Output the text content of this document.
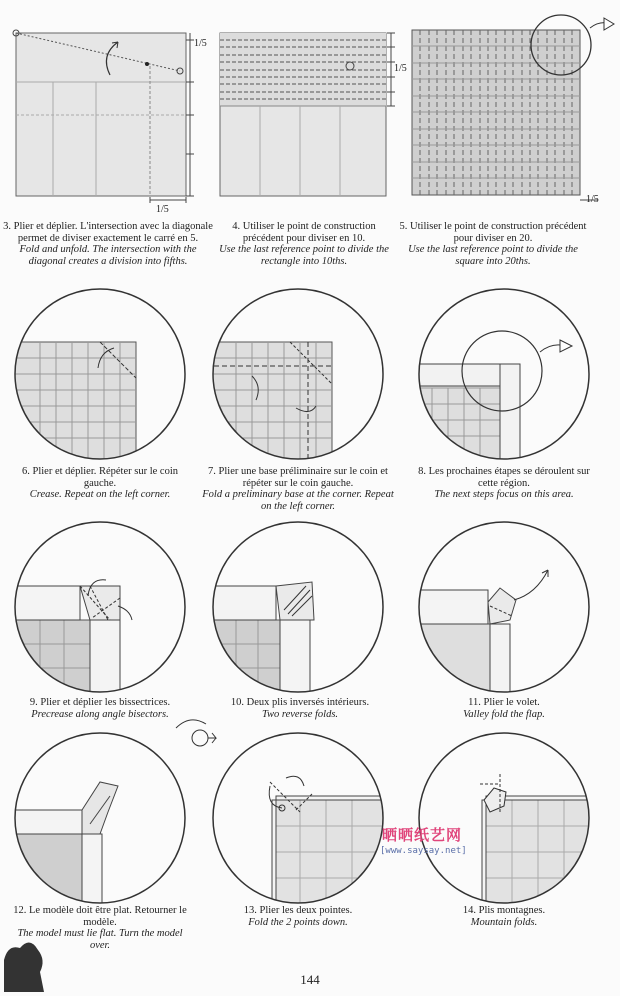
1/5
1/5
3. Plier et déplier. L'intersection avec la diagonale permet de diviser exactement le carré en 5.
Fold and unfold. The intersection with the diagonal creates a division into fifths.
1/5
4. Utiliser le point de construction précédent pour diviser en 10.
Use the last reference point to divide the rectangle into 10ths.
1/5
5. Utiliser le point de construction précédent pour diviser en 20.
Use the last reference point to divide the square into 20ths.
6. Plier et déplier. Répéter sur le coin gauche.
Crease. Repeat on the left corner.
7. Plier une base préliminaire sur le coin et répéter sur le coin gauche.
Fold a preliminary base at the corner. Repeat on the left corner.
8. Les prochaines étapes se déroulent sur cette région.
The next steps focus on this area.
9. Plier et déplier les bissectrices.
Precrease along angle bisectors.
10. Deux plis inversés intérieurs.
Two reverse folds.
11. Plier le volet.
Valley fold the flap.
12. Le modèle doit être plat. Retourner le modèle.
The model must lie flat. Turn the model over.
13. Plier les deux pointes.
Fold the 2 points down.
14. Plis montagnes.
Mountain folds.
晒晒纸艺网
[www.saysay.net]
144
